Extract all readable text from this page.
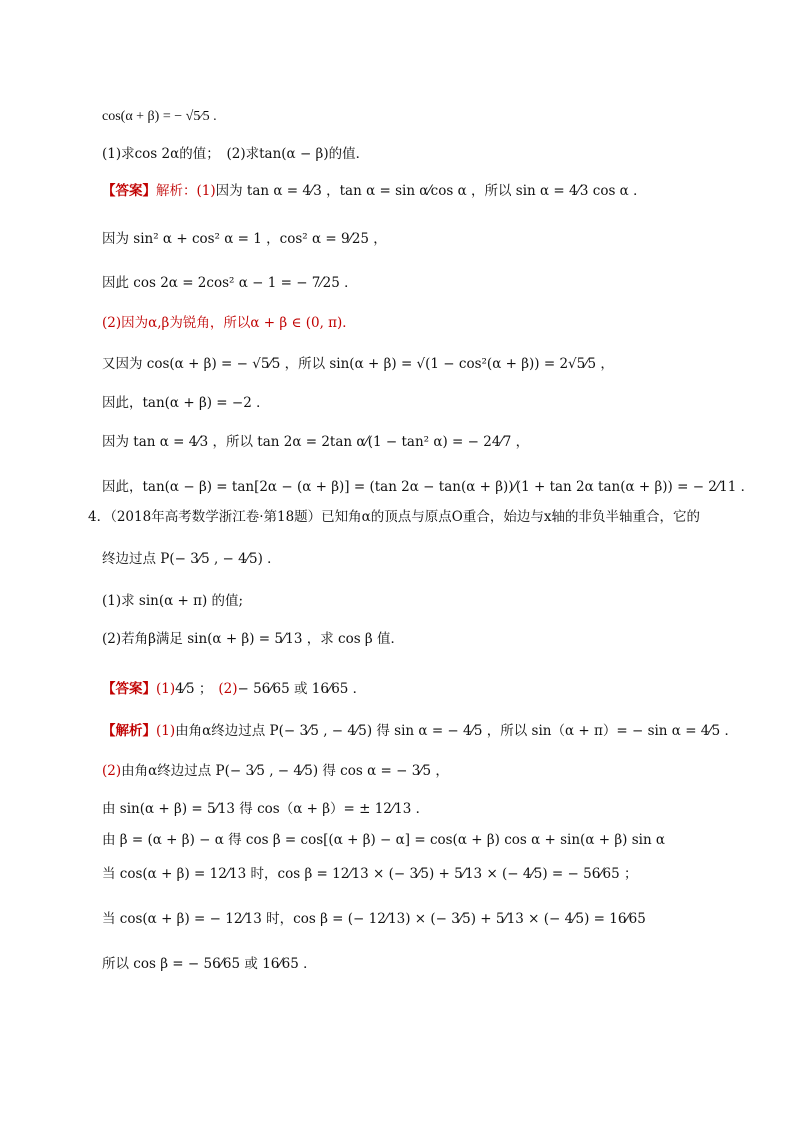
cos(α + β) = − √5⁄5 .
(1)求cos 2α的值；　(2)求tan(α − β)的值．
【答案】 解析： (1) 因为 tan α = 4⁄3 ，tan α = sin α⁄cos α ，所以 sin α = 4⁄3 cos α ．
因为 sin² α + cos² α = 1 ，cos² α = 9⁄25 ，
因此 cos 2α = 2cos² α − 1 = − 7⁄25 ．
(2) 因为α,β为锐角，所以α + β ∈ (0, π)．
又因为 cos(α + β) = − √5⁄5 ，所以 sin(α + β) = √(1 − cos²(α + β)) = 2√5⁄5 ，
因此，tan(α + β) = −2 ．
因为 tan α = 4⁄3 ，所以 tan 2α = 2tan α⁄(1 − tan² α) = − 24⁄7 ，
因此，tan(α − β) = tan[2α − (α + β)] = (tan 2α − tan(α + β))⁄(1 + tan 2α tan(α + β)) = − 2⁄11 ．
4．（2018年高考数学浙江卷·第18题）已知角α的顶点与原点O重合，始边与x轴的非负半轴重合，它的
终边过点 P(− 3⁄5 , − 4⁄5) ．
(1)求 sin(α + π) 的值;
(2)若角β满足 sin(α + β) = 5⁄13 ，求 cos β 值．
【答案】 (1) 4⁄5 ； (2) − 56⁄65 或 16⁄65 ．
【解析】 (1) 由角α终边过点 P(− 3⁄5 , − 4⁄5) 得 sin α = − 4⁄5 ，所以 sin（α + π）= − sin α = 4⁄5 ．
(2) 由角α终边过点 P(− 3⁄5 , − 4⁄5) 得 cos α = − 3⁄5 ，
由 sin(α + β) = 5⁄13 得 cos（α + β）= ± 12⁄13 ．
由 β = (α + β) − α 得 cos β = cos[(α + β) − α] = cos(α + β) cos α + sin(α + β) sin α
当 cos(α + β) = 12⁄13 时，cos β = 12⁄13 × (− 3⁄5) + 5⁄13 × (− 4⁄5) = − 56⁄65 ；
当 cos(α + β) = − 12⁄13 时，cos β = (− 12⁄13) × (− 3⁄5) + 5⁄13 × (− 4⁄5) = 16⁄65
所以 cos β = − 56⁄65 或 16⁄65 ．
